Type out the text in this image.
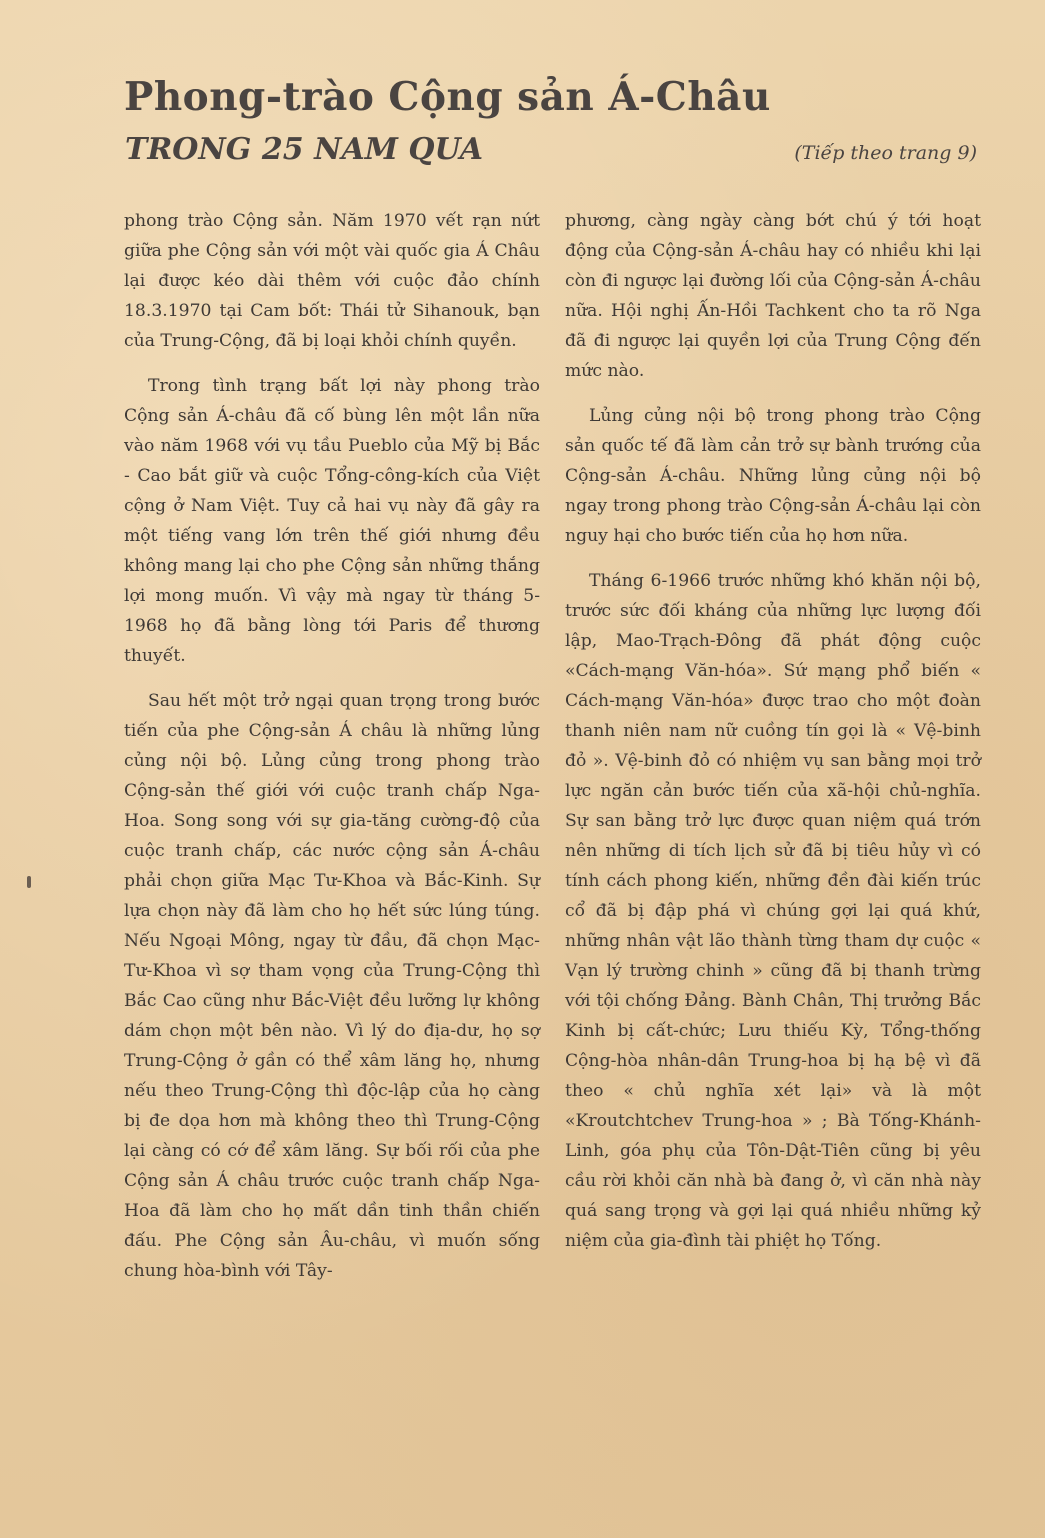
Phong-trào Cộng sản Á-Châu
TRONG 25 NAM QUA	(Tiếp theo trang 9)

phong trào Cộng sản. Năm 1970 vết rạn nứt giữa phe Cộng sản với một vài quốc gia Á Châu lại được kéo dài thêm với cuộc đảo chính 18.3.1970 tại Cam bốt: Thái tử Sihanouk, bạn của Trung-Cộng, đã bị loại khỏi chính quyền.

Trong tình trạng bất lợi này phong trào Cộng sản Á-châu đã cố bùng lên một lần nữa vào năm 1968 với vụ tầu Pueblo của Mỹ bị Bắc - Cao bắt giữ và cuộc Tổng-công-kích của Việt cộng ở Nam Việt. Tuy cả hai vụ này đã gây ra một tiếng vang lớn trên thế giới nhưng đều không mang lại cho phe Cộng sản những thắng lợi mong muốn. Vì vậy mà ngay từ tháng 5-1968 họ đã bằng lòng tới Paris để thương thuyết.

Sau hết một trở ngại quan trọng trong bước tiến của phe Cộng-sản Á châu là những lủng củng nội bộ. Lủng củng trong phong trào Cộng-sản thế giới với cuộc tranh chấp Nga-Hoa. Song song với sự gia-tăng cường-độ của cuộc tranh chấp, các nước cộng sản Á-châu phải chọn giữa Mạc Tư-Khoa và Bắc-Kinh. Sự lựa chọn này đã làm cho họ hết sức lúng túng. Nếu Ngoại Mông, ngay từ đầu, đã chọn Mạc-Tư-Khoa vì sợ tham vọng của Trung-Cộng thì Bắc Cao cũng như Bắc-Việt đều lưỡng lự không dám chọn một bên nào. Vì lý do địa-dư, họ sợ Trung-Cộng ở gần có thể xâm lăng họ, nhưng nếu theo Trung-Cộng thì độc-lập của họ càng bị đe dọa hơn mà không theo thì Trung-Cộng lại càng có cớ để xâm lăng. Sự bối rối của phe Cộng sản Á châu trước cuộc tranh chấp Nga-Hoa đã làm cho họ mất dần tinh thần chiến đấu. Phe Cộng sản Âu-châu, vì muốn sống chung hòa-bình với Tây-

phương, càng ngày càng bớt chú ý tới hoạt động của Cộng-sản Á-châu hay có nhiều khi lại còn đi ngược lại đường lối của Cộng-sản Á-châu nữa. Hội nghị Ấn-Hồi Tachkent cho ta rõ Nga đã đi ngược lại quyền lợi của Trung Cộng đến mức nào.

Lủng củng nội bộ trong phong trào Cộng sản quốc tế đã làm cản trở sự bành trướng của Cộng-sản Á-châu. Những lủng củng nội bộ ngay trong phong trào Cộng-sản Á-châu lại còn nguy hại cho bước tiến của họ hơn nữa.

Tháng 6-1966 trước những khó khăn nội bộ, trước sức đối kháng của những lực lượng đối lập, Mao-Trạch-Đông đã phát động cuộc «Cách-mạng Văn-hóa». Sứ mạng phổ biến « Cách-mạng Văn-hóa» được trao cho một đoàn thanh niên nam nữ cuồng tín gọi là « Vệ-binh đỏ ». Vệ-binh đỏ có nhiệm vụ san bằng mọi trở lực ngăn cản bước tiến của xã-hội chủ-nghĩa. Sự san bằng trở lực được quan niệm quá trớn nên những di tích lịch sử đã bị tiêu hủy vì có tính cách phong kiến, những đền đài kiến trúc cổ đã bị đập phá vì chúng gợi lại quá khứ, những nhân vật lão thành từng tham dự cuộc « Vạn lý trường chinh » cũng đã bị thanh trừng với tội chống Đảng. Bành Chân, Thị trưởng Bắc Kinh bị cất-chức; Lưu thiếu Kỳ, Tổng-thống Cộng-hòa nhân-dân Trung-hoa bị hạ bệ vì đã theo « chủ nghĩa xét lại» và là một «Kroutchtchev Trung-hoa » ; Bà Tống-Khánh-Linh, góa phụ của Tôn-Dật-Tiên cũng bị yêu cầu rời khỏi căn nhà bà đang ở, vì căn nhà này quá sang trọng và gợi lại quá nhiều những kỷ niệm của gia-đình tài phiệt họ Tống.
